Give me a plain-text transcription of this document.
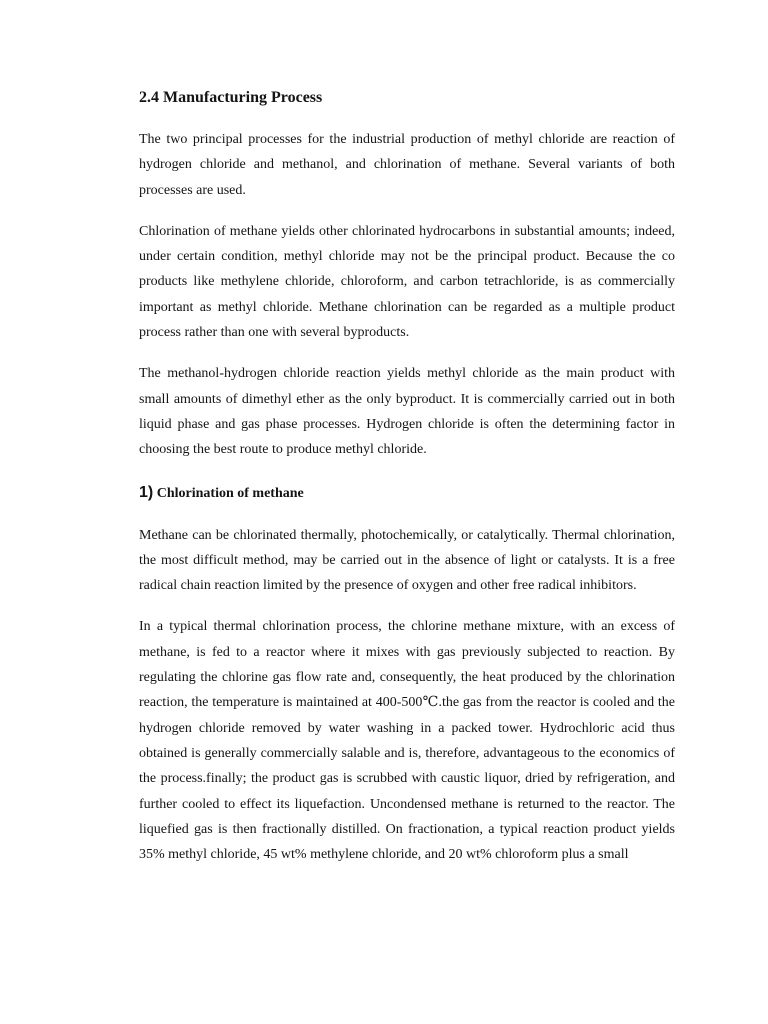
2.4 Manufacturing Process

The two principal processes for the industrial production of methyl chloride are reaction of hydrogen chloride and methanol, and chlorination of methane. Several variants of both processes are used.

Chlorination of methane yields other chlorinated hydrocarbons in substantial amounts; indeed, under certain condition, methyl chloride may not be the principal product. Because the co products like methylene chloride, chloroform, and carbon tetrachloride, is as commercially important as methyl chloride. Methane chlorination can be regarded as a multiple product process rather than one with several byproducts.

The methanol-hydrogen chloride reaction yields methyl chloride as the main product with small amounts of dimethyl ether as the only byproduct. It is commercially carried out in both liquid phase and gas phase processes. Hydrogen chloride is often the determining factor in choosing the best route to produce methyl chloride.

1) Chlorination of methane

Methane can be chlorinated thermally, photochemically, or catalytically. Thermal chlorination, the most difficult method, may be carried out in the absence of light or catalysts. It is a free radical chain reaction limited by the presence of oxygen and other free radical inhibitors.

In a typical thermal chlorination process, the chlorine methane mixture, with an excess of methane, is fed to a reactor where it mixes with gas previously subjected to reaction. By regulating the chlorine gas flow rate and, consequently, the heat produced by the chlorination reaction, the temperature is maintained at 400-500℃.the gas from the reactor is cooled and the hydrogen chloride removed by water washing in a packed tower. Hydrochloric acid thus obtained is generally commercially salable and is, therefore, advantageous to the economics of the process.finally; the product gas is scrubbed with caustic liquor, dried by refrigeration, and further cooled to effect its liquefaction. Uncondensed methane is returned to the reactor. The liquefied gas is then fractionally distilled. On fractionation, a typical reaction product yields 35% methyl chloride, 45 wt% methylene chloride, and 20 wt% chloroform plus a small
